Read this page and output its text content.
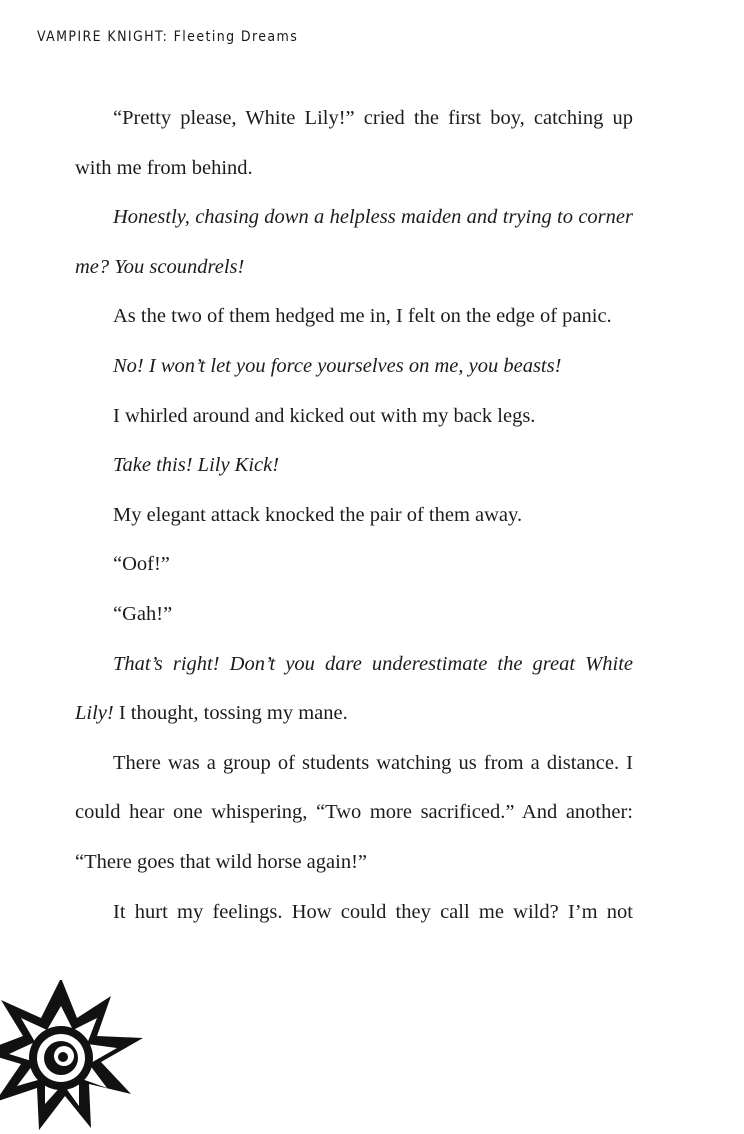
VAMPIRE KNIGHT: Fleeting Dreams

“Pretty please, White Lily!” cried the first boy, catching up with me from behind.

Honestly, chasing down a helpless maiden and trying to corner me? You scoundrels!

As the two of them hedged me in, I felt on the edge of panic.

No! I won’t let you force yourselves on me, you beasts!

I whirled around and kicked out with my back legs.

Take this! Lily Kick!

My elegant attack knocked the pair of them away.

“Oof!”

“Gah!”

That’s right! Don’t you dare underestimate the great White Lily! I thought, tossing my mane.

There was a group of students watching us from a distance. I could hear one whispering, “Two more sacrificed.” And another: “There goes that wild horse again!”

It hurt my feelings. How could they call me wild? I’m not
